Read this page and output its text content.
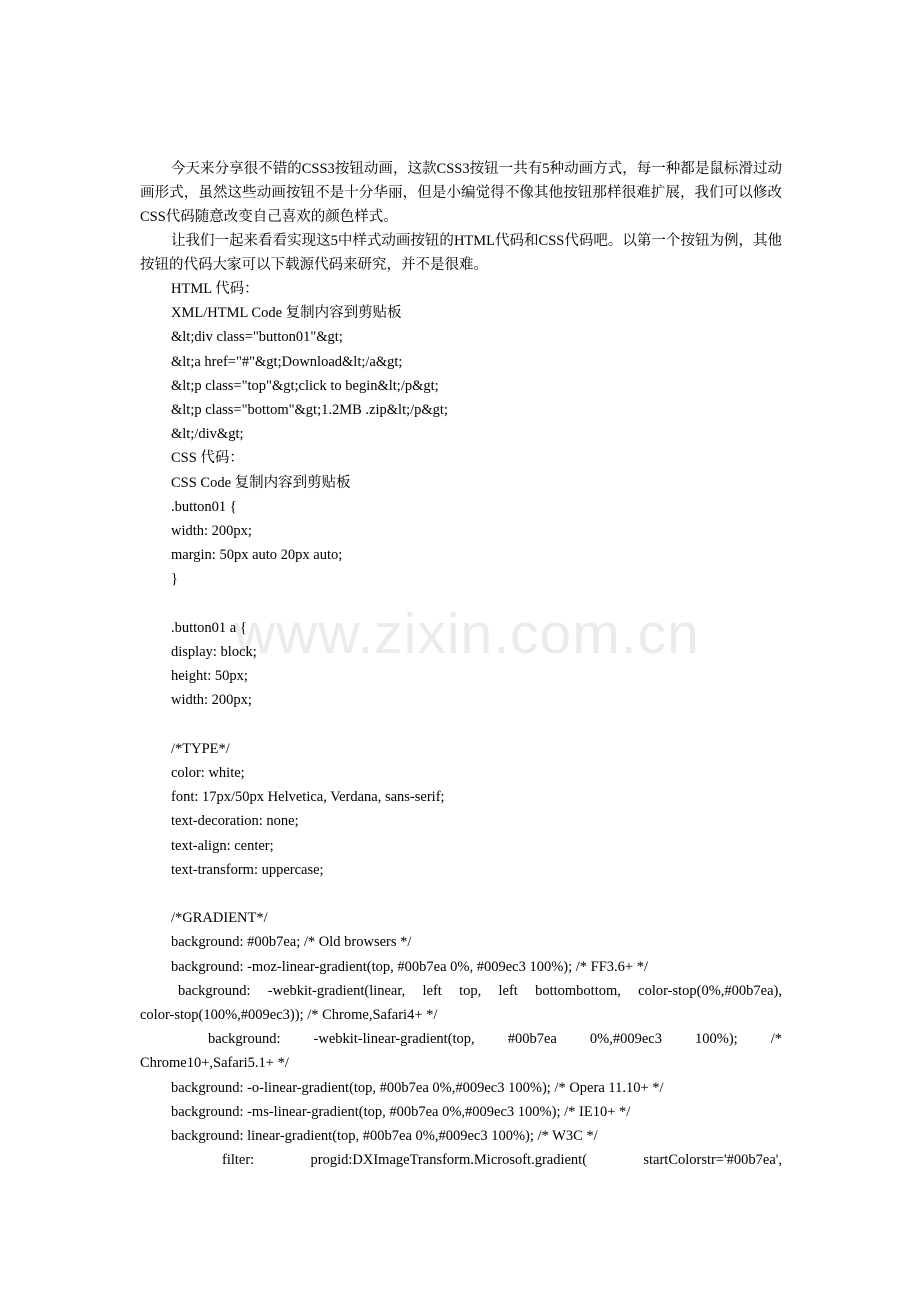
www.zixin.com.cn

今天来分享很不错的CSS3按钮动画，这款CSS3按钮一共有5种动画方式，每一种都是鼠标滑过动画形式，虽然这些动画按钮不是十分华丽，但是小编觉得不像其他按钮那样很难扩展，我们可以修改CSS代码随意改变自己喜欢的颜色样式。

让我们一起来看看实现这5中样式动画按钮的HTML代码和CSS代码吧。以第一个按钮为例，其他按钮的代码大家可以下载源代码来研究，并不是很难。

HTML 代码：

XML/HTML Code 复制内容到剪贴板

&lt;div class="button01"&gt;

&lt;a href="#"&gt;Download&lt;/a&gt;

&lt;p class="top"&gt;click to begin&lt;/p&gt;

&lt;p class="bottom"&gt;1.2MB .zip&lt;/p&gt;

&lt;/div&gt;

CSS 代码：

CSS Code 复制内容到剪贴板

.button01 {

width: 200px;

margin: 50px auto 20px auto;

}

.button01 a {

display: block;

height: 50px;

width: 200px;

/*TYPE*/

color: white;

font: 17px/50px Helvetica, Verdana, sans-serif;

text-decoration: none;

text-align: center;

text-transform: uppercase;

/*GRADIENT*/

background: #00b7ea; /* Old browsers */

background: -moz-linear-gradient(top, #00b7ea 0%, #009ec3 100%); /* FF3.6+ */

background: -webkit-gradient(linear, left top, left bottombottom, color-stop(0%,#00b7ea),
color-stop(100%,#009ec3)); /* Chrome,Safari4+ */
background: -webkit-linear-gradient(top, #00b7ea 0%,#009ec3 100%); /*
Chrome10+,Safari5.1+ */

background: -o-linear-gradient(top, #00b7ea 0%,#009ec3 100%); /* Opera 11.10+ */

background: -ms-linear-gradient(top, #00b7ea 0%,#009ec3 100%); /* IE10+ */

background: linear-gradient(top, #00b7ea 0%,#009ec3 100%); /* W3C */

filter: progid:DXImageTransform.Microsoft.gradient( startColorstr='#00b7ea',
